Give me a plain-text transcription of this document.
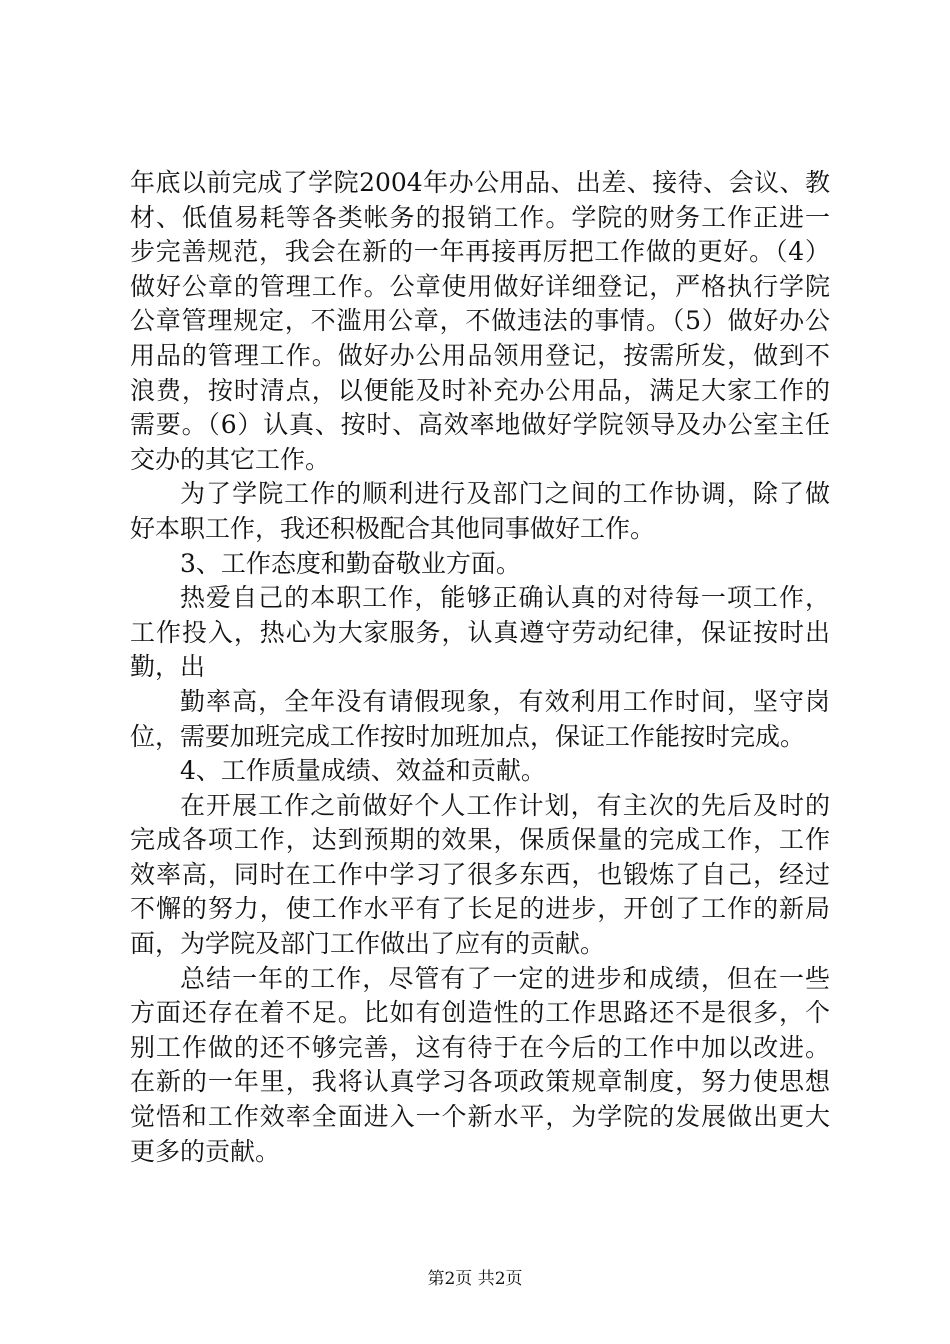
年底以前完成了学院2004年办公用品、出差、接待、会议、教
材、低值易耗等各类帐务的报销工作。学院的财务工作正进一
步完善规范，我会在新的一年再接再厉把工作做的更好。（4）
做好公章的管理工作。公章使用做好详细登记，严格执行学院
公章管理规定，不滥用公章，不做违法的事情。（5）做好办公
用品的管理工作。做好办公用品领用登记，按需所发，做到不
浪费，按时清点，以便能及时补充办公用品，满足大家工作的
需要。（6）认真、按时、高效率地做好学院领导及办公室主任
交办的其它工作。
为了学院工作的顺利进行及部门之间的工作协调，除了做
好本职工作，我还积极配合其他同事做好工作。
3、工作态度和勤奋敬业方面。
热爱自己的本职工作，能够正确认真的对待每一项工作，
工作投入，热心为大家服务，认真遵守劳动纪律，保证按时出
勤，出
勤率高，全年没有请假现象，有效利用工作时间，坚守岗
位，需要加班完成工作按时加班加点，保证工作能按时完成。
4、工作质量成绩、效益和贡献。
在开展工作之前做好个人工作计划，有主次的先后及时的
完成各项工作，达到预期的效果，保质保量的完成工作，工作
效率高，同时在工作中学习了很多东西，也锻炼了自己，经过
不懈的努力，使工作水平有了长足的进步，开创了工作的新局
面，为学院及部门工作做出了应有的贡献。
总结一年的工作，尽管有了一定的进步和成绩，但在一些
方面还存在着不足。比如有创造性的工作思路还不是很多，个
别工作做的还不够完善，这有待于在今后的工作中加以改进。
在新的一年里，我将认真学习各项政策规章制度，努力使思想
觉悟和工作效率全面进入一个新水平，为学院的发展做出更大
更多的贡献。
第2页 共2页
